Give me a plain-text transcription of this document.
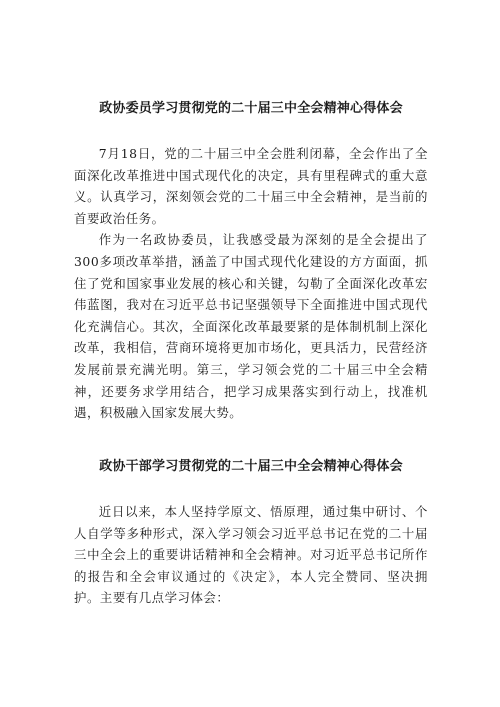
政协委员学习贯彻党的二十届三中全会精神心得体会

7月18日，党的二十届三中全会胜利闭幕，全会作出了全面深化改革推进中国式现代化的决定，具有里程碑式的重大意义。认真学习，深刻领会党的二十届三中全会精神，是当前的首要政治任务。

作为一名政协委员，让我感受最为深刻的是全会提出了300多项改革举措，涵盖了中国式现代化建设的方方面面，抓住了党和国家事业发展的核心和关键，勾勒了全面深化改革宏伟蓝图，我对在习近平总书记坚强领导下全面推进中国式现代化充满信心。其次，全面深化改革最要紧的是体制机制上深化改革，我相信，营商环境将更加市场化，更具活力，民营经济发展前景充满光明。第三，学习领会党的二十届三中全会精神，还要务求学用结合，把学习成果落实到行动上，找准机遇，积极融入国家发展大势。

政协干部学习贯彻党的二十届三中全会精神心得体会

近日以来，本人坚持学原文、悟原理，通过集中研讨、个人自学等多种形式，深入学习领会习近平总书记在党的二十届三中全会上的重要讲话精神和全会精神。对习近平总书记所作的报告和全会审议通过的《决定》，本人完全赞同、坚决拥护。主要有几点学习体会：
